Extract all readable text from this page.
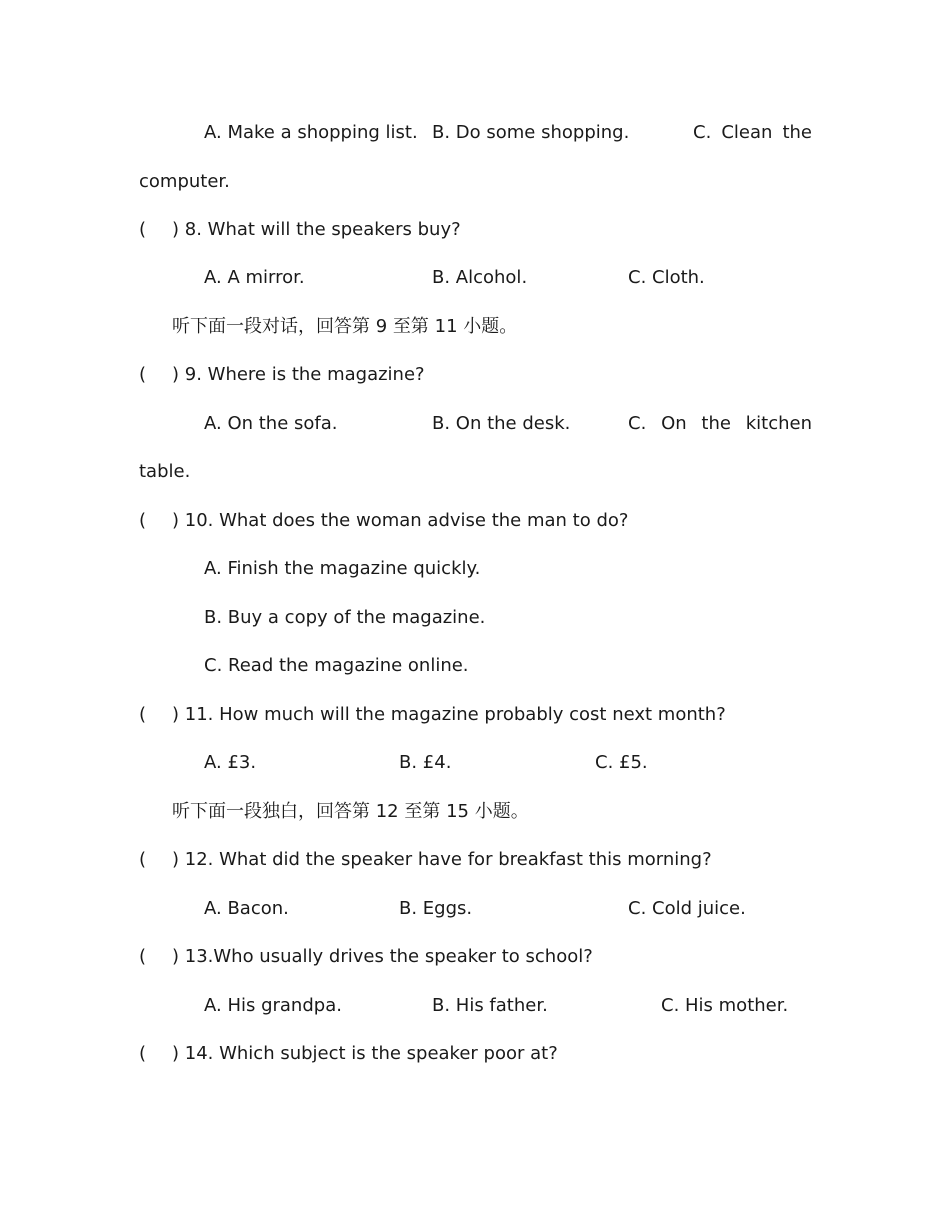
A. Make a shopping list. B. Do some shopping.	C. Clean the
computer.
( ) 8. What will the speakers buy?
A. A mirror.	B. Alcohol.	C. Cloth.
听下面一段对话，回答第 9 至第 11 小题。
( ) 9. Where is the magazine?
A. On the sofa.	B. On the desk.	C. On the kitchen
table.
( ) 10. What does the woman advise the man to do?
A. Finish the magazine quickly.
B. Buy a copy of the magazine.
C. Read the magazine online.
( ) 11. How much will the magazine probably cost next month?
A. £3.	B. £4.	C. £5.
听下面一段独白，回答第 12 至第 15 小题。
( ) 12. What did the speaker have for breakfast this morning?
A. Bacon.	B. Eggs.	C. Cold juice.
( ) 13.Who usually drives the speaker to school?
A. His grandpa.	B. His father.	C. His mother.
( ) 14. Which subject is the speaker poor at?
